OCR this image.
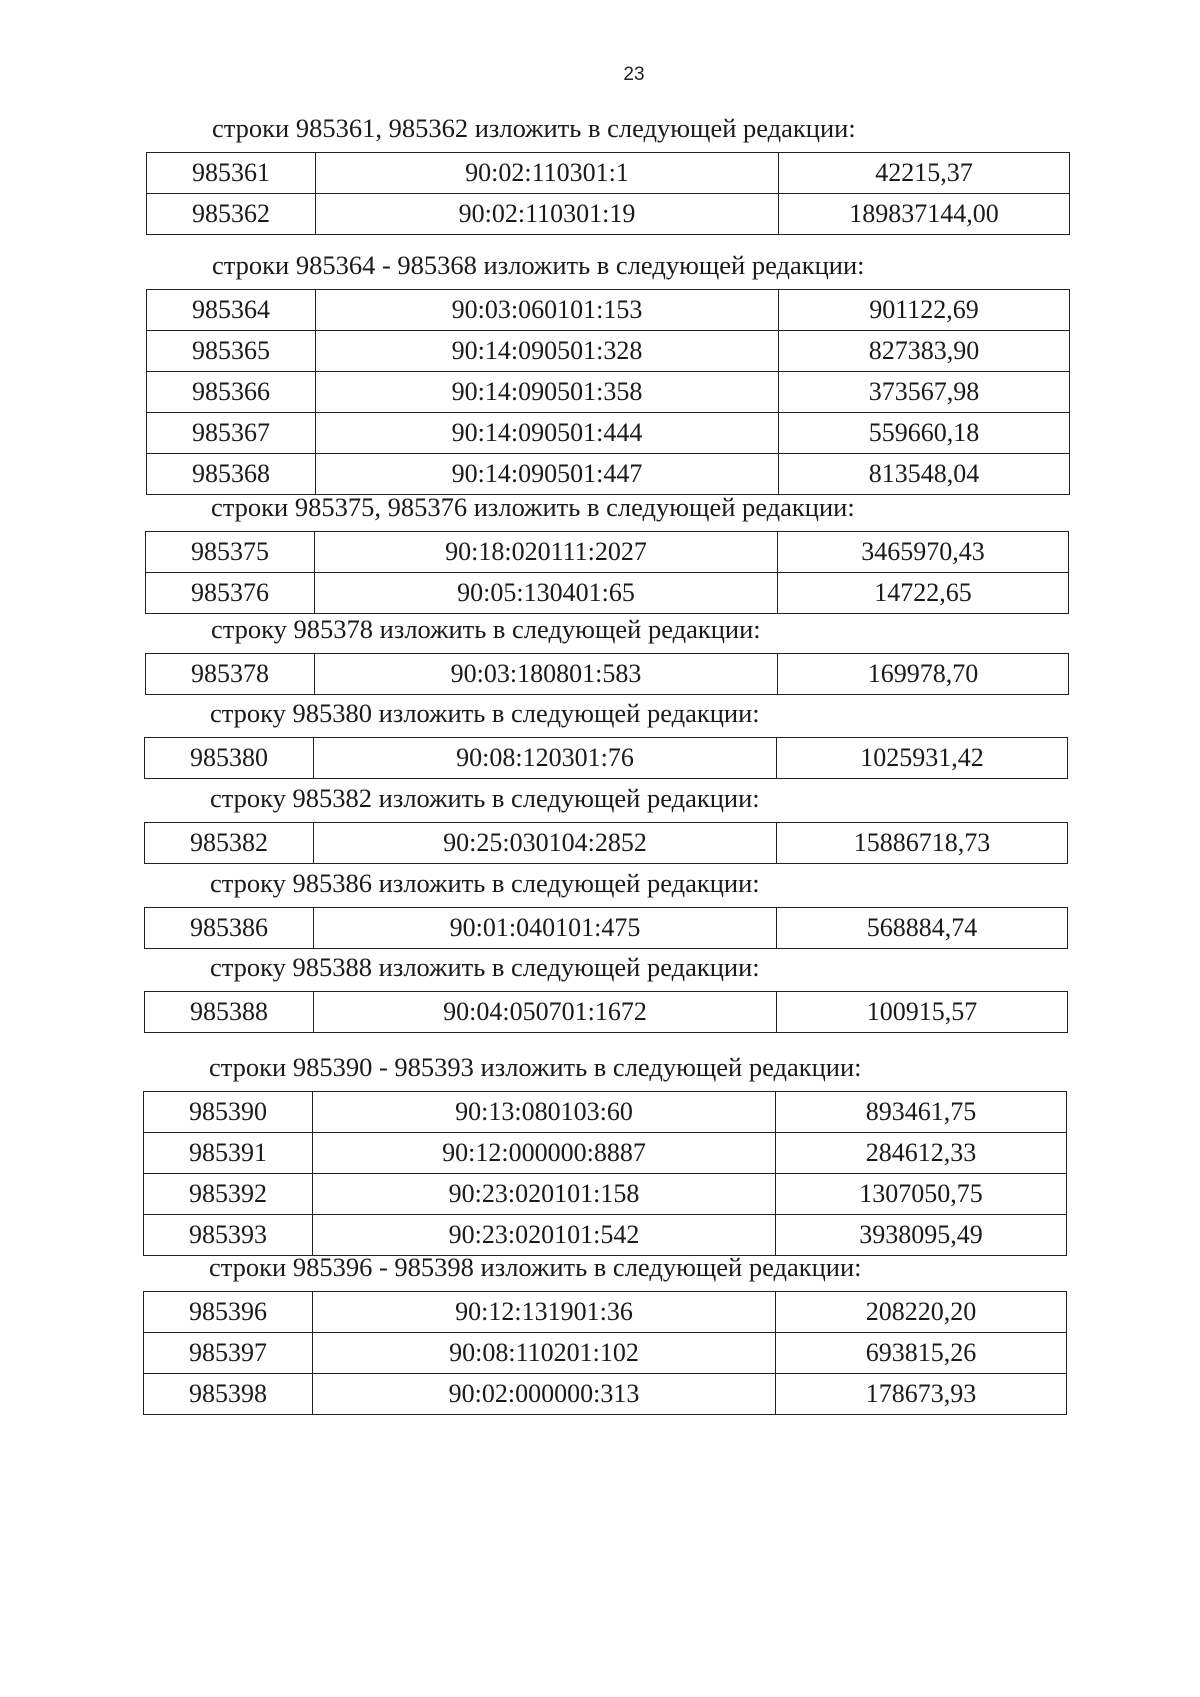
23

строки 985361, 985362 изложить в следующей редакции:

985361	90:02:110301:1	42215,37
985362	90:02:110301:19	189837144,00

строки 985364 - 985368 изложить в следующей редакции:

985364	90:03:060101:153	901122,69
985365	90:14:090501:328	827383,90
985366	90:14:090501:358	373567,98
985367	90:14:090501:444	559660,18
985368	90:14:090501:447	813548,04

строки 985375, 985376 изложить в следующей редакции:

985375	90:18:020111:2027	3465970,43
985376	90:05:130401:65	14722,65

строку 985378 изложить в следующей редакции:

985378	90:03:180801:583	169978,70

строку 985380 изложить в следующей редакции:

985380	90:08:120301:76	1025931,42

строку 985382 изложить в следующей редакции:

985382	90:25:030104:2852	15886718,73

строку 985386 изложить в следующей редакции:

985386	90:01:040101:475	568884,74

строку 985388 изложить в следующей редакции:

985388	90:04:050701:1672	100915,57

строки 985390 - 985393 изложить в следующей редакции:

985390	90:13:080103:60	893461,75
985391	90:12:000000:8887	284612,33
985392	90:23:020101:158	1307050,75
985393	90:23:020101:542	3938095,49

строки 985396 - 985398 изложить в следующей редакции:

985396	90:12:131901:36	208220,20
985397	90:08:110201:102	693815,26
985398	90:02:000000:313	178673,93
